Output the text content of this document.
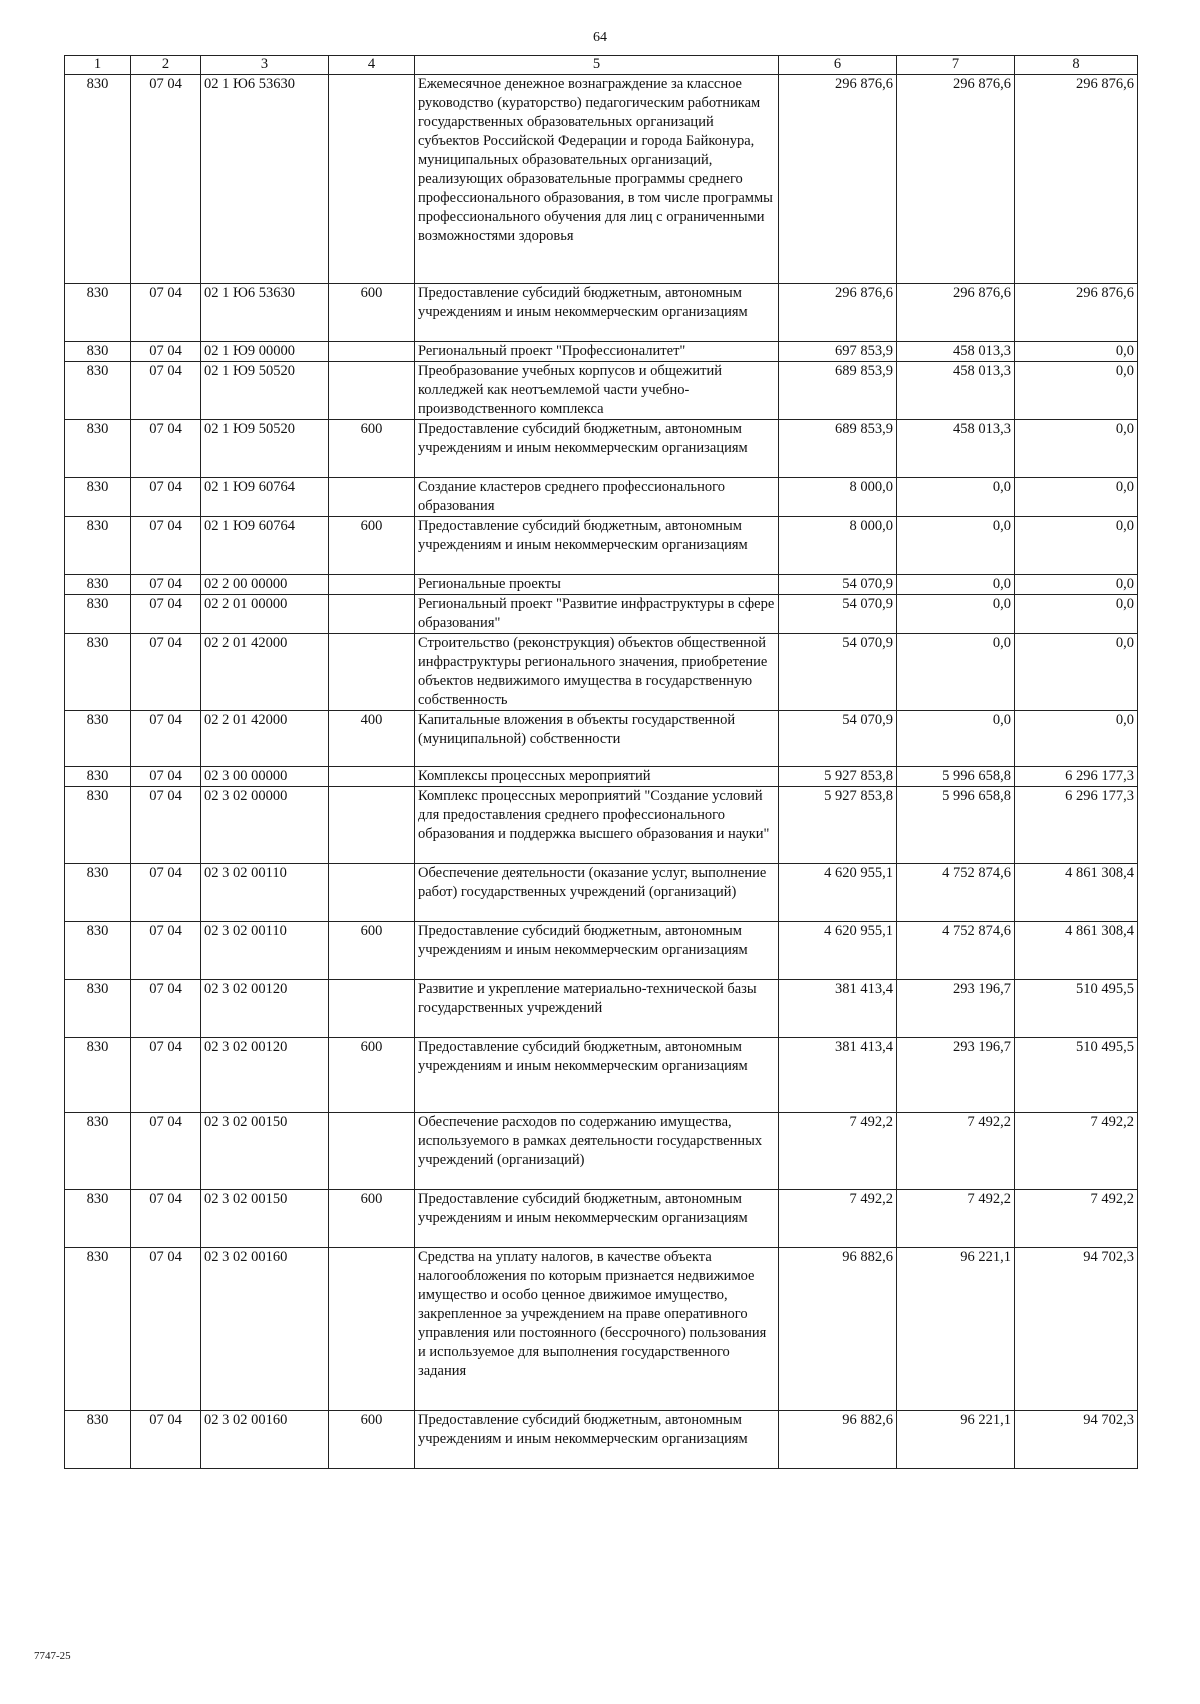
64
1	2	3	4	5	6	7	8
830	07 04	02 1 Ю6 53630		Ежемесячное денежное вознаграждение за классное руководство (кураторство) педагогическим работникам государственных образовательных организаций субъектов Российской Федерации и города Байконура, муниципальных образовательных организаций, реализующих образовательные программы среднего профессионального образования, в том числе программы профессионального обучения для лиц с ограниченными возможностями здоровья	296 876,6	296 876,6	296 876,6
830	07 04	02 1 Ю6 53630	600	Предоставление субсидий бюджетным, автономным учреждениям и иным некоммерческим организациям	296 876,6	296 876,6	296 876,6
830	07 04	02 1 Ю9 00000		Региональный проект "Профессионалитет"	697 853,9	458 013,3	0,0
830	07 04	02 1 Ю9 50520		Преобразование учебных корпусов и общежитий колледжей как неотъемлемой части учебно-производственного комплекса	689 853,9	458 013,3	0,0
830	07 04	02 1 Ю9 50520	600	Предоставление субсидий бюджетным, автономным учреждениям и иным некоммерческим организациям	689 853,9	458 013,3	0,0
830	07 04	02 1 Ю9 60764		Создание кластеров среднего профессионального образования	8 000,0	0,0	0,0
830	07 04	02 1 Ю9 60764	600	Предоставление субсидий бюджетным, автономным учреждениям и иным некоммерческим организациям	8 000,0	0,0	0,0
830	07 04	02 2 00 00000		Региональные проекты	54 070,9	0,0	0,0
830	07 04	02 2 01 00000		Региональный проект "Развитие инфраструктуры в сфере образования"	54 070,9	0,0	0,0
830	07 04	02 2 01 42000		Строительство (реконструкция) объектов общественной инфраструктуры регионального значения, приобретение объектов недвижимого имущества в государственную собственность	54 070,9	0,0	0,0
830	07 04	02 2 01 42000	400	Капитальные вложения в объекты государственной (муниципальной) собственности	54 070,9	0,0	0,0
830	07 04	02 3 00 00000		Комплексы процессных мероприятий	5 927 853,8	5 996 658,8	6 296 177,3
830	07 04	02 3 02 00000		Комплекс процессных мероприятий "Создание условий для предоставления среднего профессионального образования и поддержка высшего образования и науки"	5 927 853,8	5 996 658,8	6 296 177,3
830	07 04	02 3 02 00110		Обеспечение деятельности (оказание услуг, выполнение работ) государственных учреждений (организаций)	4 620 955,1	4 752 874,6	4 861 308,4
830	07 04	02 3 02 00110	600	Предоставление субсидий бюджетным, автономным учреждениям и иным некоммерческим организациям	4 620 955,1	4 752 874,6	4 861 308,4
830	07 04	02 3 02 00120		Развитие и укрепление материально-технической базы государственных учреждений	381 413,4	293 196,7	510 495,5
830	07 04	02 3 02 00120	600	Предоставление субсидий бюджетным, автономным учреждениям и иным некоммерческим организациям	381 413,4	293 196,7	510 495,5
830	07 04	02 3 02 00150		Обеспечение расходов по содержанию имущества, используемого в рамках деятельности государственных учреждений (организаций)	7 492,2	7 492,2	7 492,2
830	07 04	02 3 02 00150	600	Предоставление субсидий бюджетным, автономным учреждениям и иным некоммерческим организациям	7 492,2	7 492,2	7 492,2
830	07 04	02 3 02 00160		Средства на уплату налогов, в качестве объекта налогообложения по которым признается недвижимое имущество и особо ценное движимое имущество, закрепленное за учреждением на праве оперативного управления или постоянного (бессрочного) пользования и используемое для выполнения государственного задания	96 882,6	96 221,1	94 702,3
830	07 04	02 3 02 00160	600	Предоставление субсидий бюджетным, автономным учреждениям и иным некоммерческим организациям	96 882,6	96 221,1	94 702,3
7747-25
